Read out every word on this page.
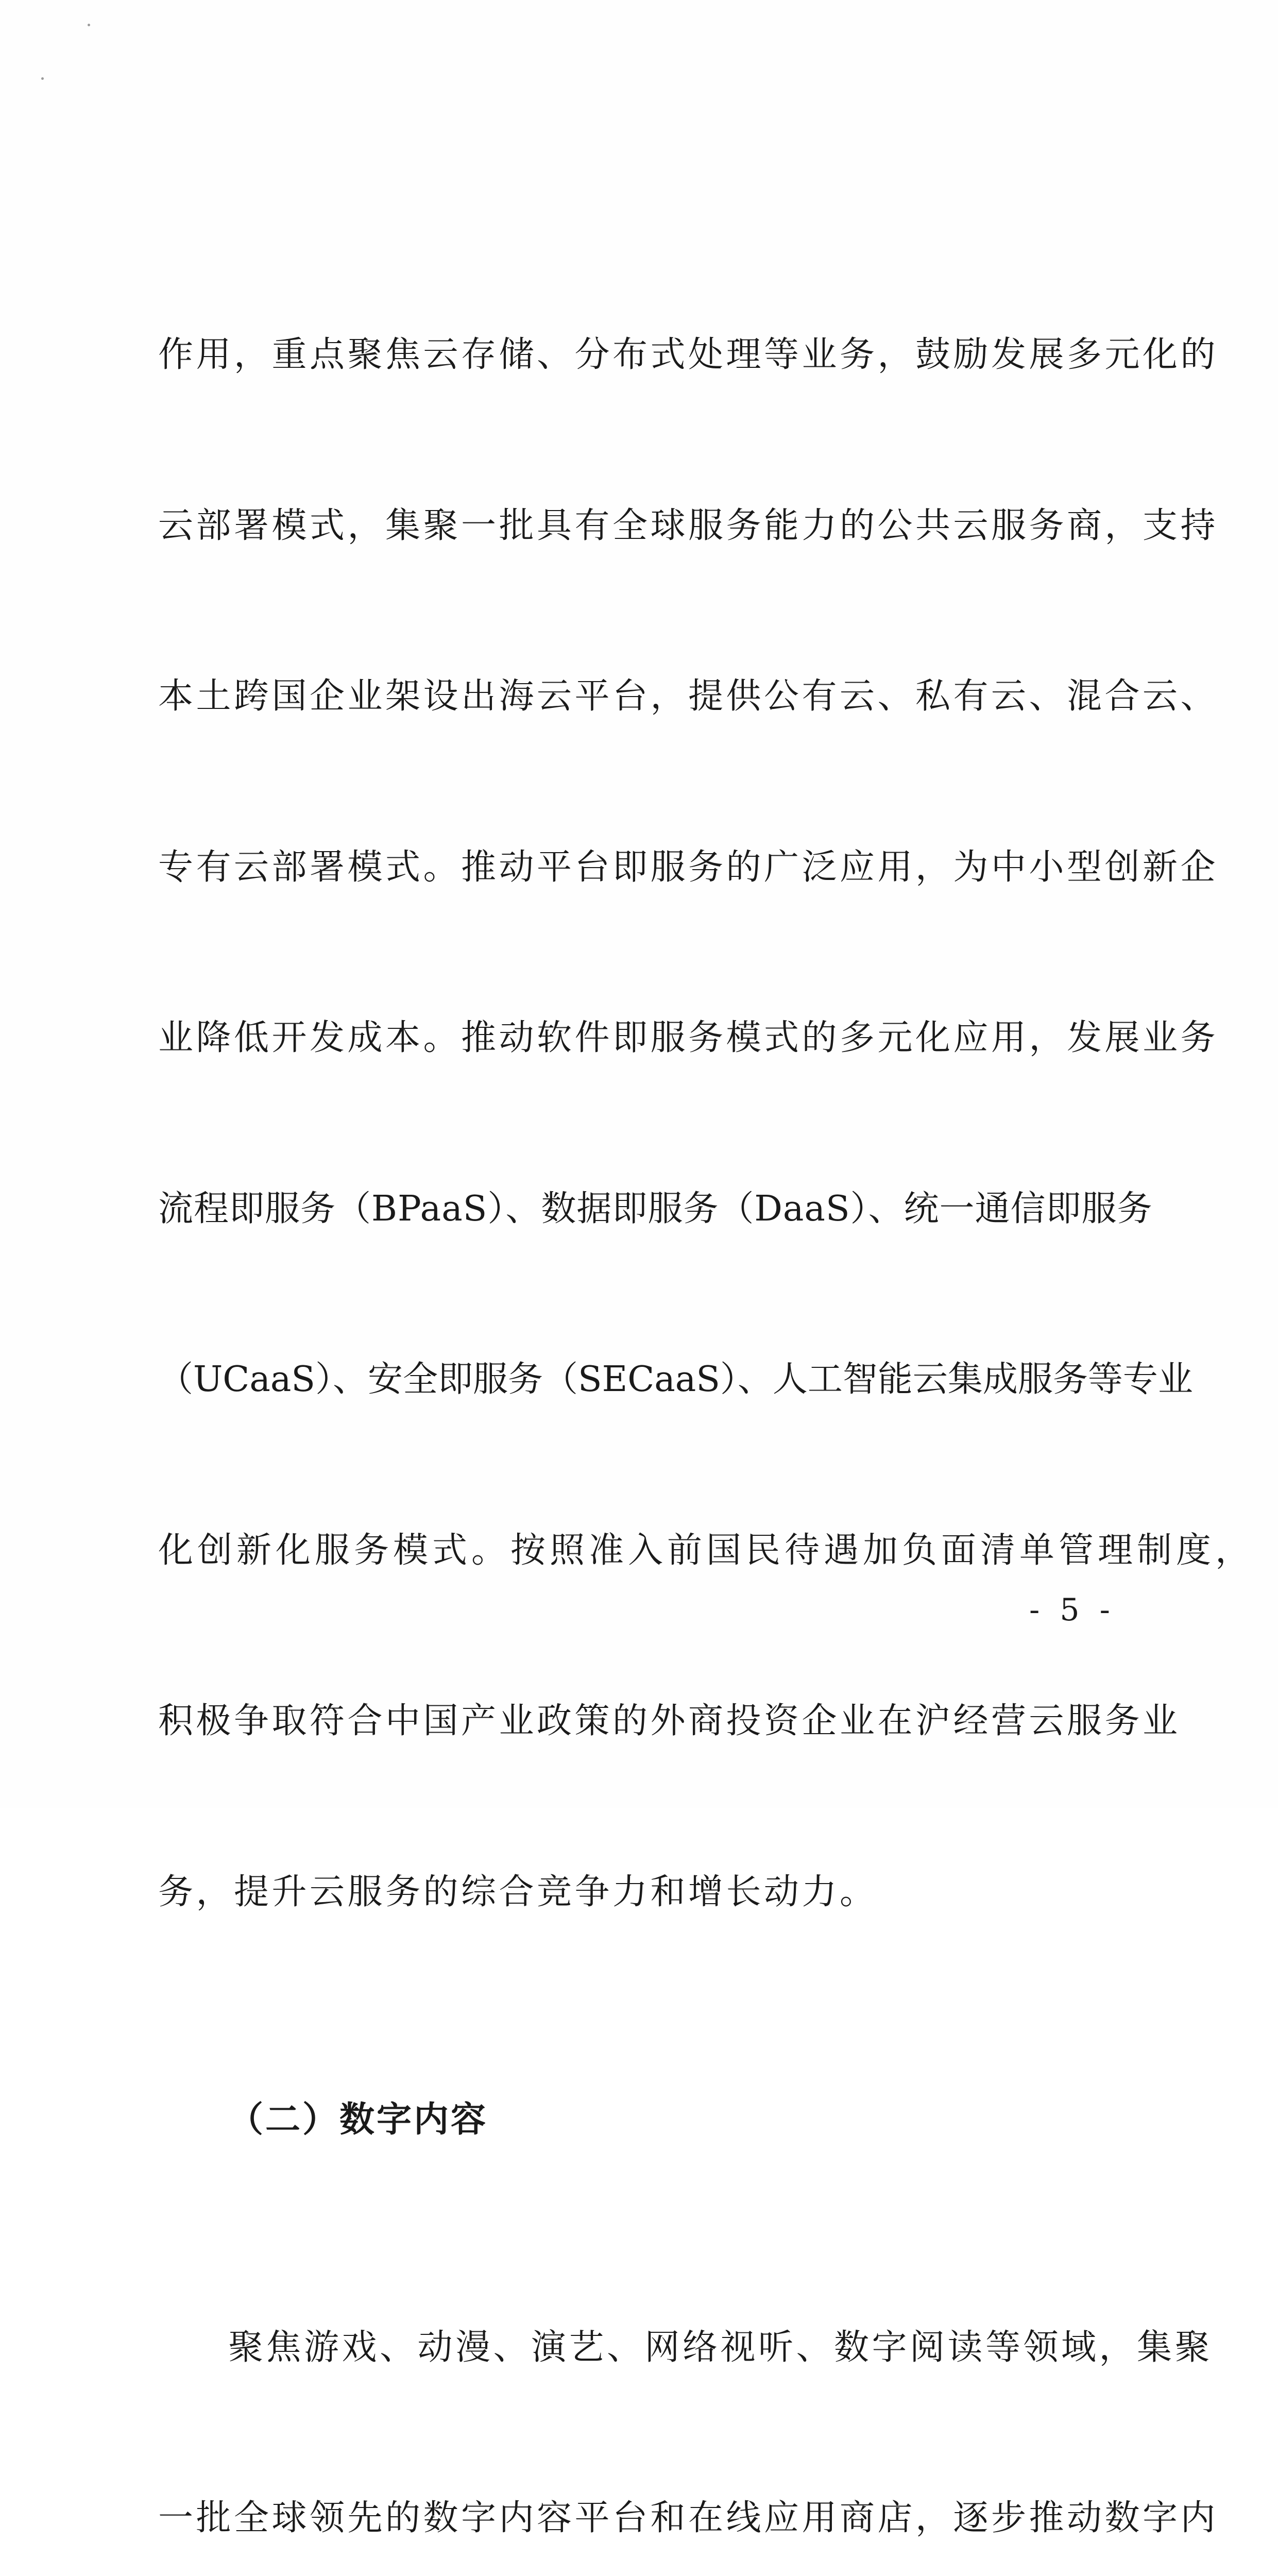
作用，重点聚焦云存储、分布式处理等业务，鼓励发展多元化的

云部署模式，集聚一批具有全球服务能力的公共云服务商，支持

本土跨国企业架设出海云平台，提供公有云、私有云、混合云、

专有云部署模式。推动平台即服务的广泛应用，为中小型创新企

业降低开发成本。推动软件即服务模式的多元化应用，发展业务

流程即服务（BPaaS）、数据即服务（DaaS）、统一通信即服务

（UCaaS）、安全即服务（SECaaS）、人工智能云集成服务等专业

化创新化服务模式。按照准入前国民待遇加负面清单管理制度，

积极争取符合中国产业政策的外商投资企业在沪经营云服务业

务，提升云服务的综合竞争力和增长动力。

（二）数字内容

聚焦游戏、动漫、演艺、网络视听、数字阅读等领域，集聚

一批全球领先的数字内容平台和在线应用商店，逐步推动数字内

- 5 -
